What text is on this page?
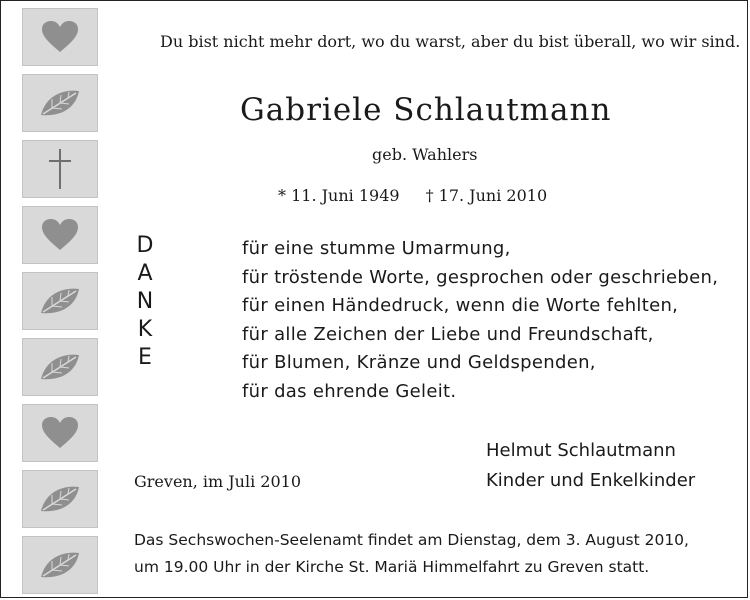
Du bist nicht mehr dort, wo du warst, aber du bist überall, wo wir sind.
Gabriele Schlautmann
geb. Wahlers
* 11. Juni 1949 † 17. Juni 2010
D
A
N
K
E
für eine stumme Umarmung,
für tröstende Worte, gesprochen oder geschrieben,
für einen Händedruck, wenn die Worte fehlten,
für alle Zeichen der Liebe und Freundschaft,
für Blumen, Kränze und Geldspenden,
für das ehrende Geleit.
Helmut Schlautmann
Kinder und Enkelkinder
Greven, im Juli 2010
Das Sechswochen-Seelenamt findet am Dienstag, dem 3. August 2010,
um 19.00 Uhr in der Kirche St. Mariä Himmelfahrt zu Greven statt.
